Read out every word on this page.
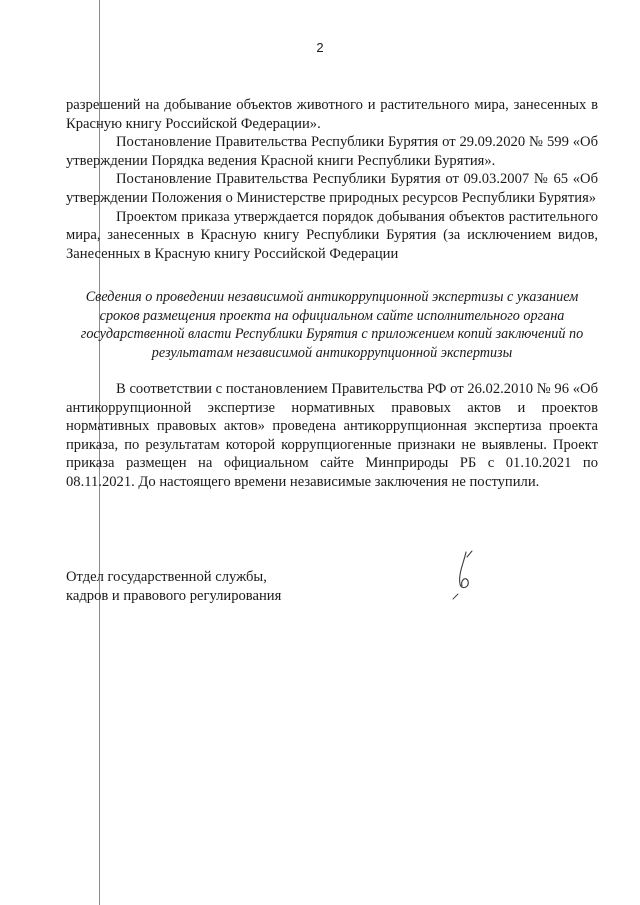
2

разрешений на добывание объектов животного и растительного мира, занесенных в Красную книгу Российской Федерации».

Постановление Правительства Республики Бурятия от 29.09.2020 № 599 «Об утверждении Порядка ведения Красной книги Республики Бурятия».

Постановление Правительства Республики Бурятия от 09.03.2007 № 65 «Об утверждении Положения о Министерстве природных ресурсов Республики Бурятия»

Проектом приказа утверждается порядок добывания объектов растительного мира, занесенных в Красную книгу Республики Бурятия (за исключением видов, Занесенных в Красную книгу Российской Федерации

Сведения о проведении независимой антикоррупционной экспертизы с указанием сроков размещения проекта на официальном сайте исполнительного органа государственной власти Республики Бурятия с приложением копий заключений по результатам независимой антикоррупционной экспертизы

В соответствии с постановлением Правительства РФ от 26.02.2010 № 96 «Об антикоррупционной экспертизе нормативных правовых актов и проектов нормативных правовых актов» проведена антикоррупционная экспертиза проекта приказа, по результатам которой коррупциогенные признаки не выявлены. Проект приказа размещен на официальном сайте Минприроды РБ с 01.10.2021 по 08.11.2021. До настоящего времени независимые заключения не поступили.

Отдел государственной службы,
кадров и правового регулирования
